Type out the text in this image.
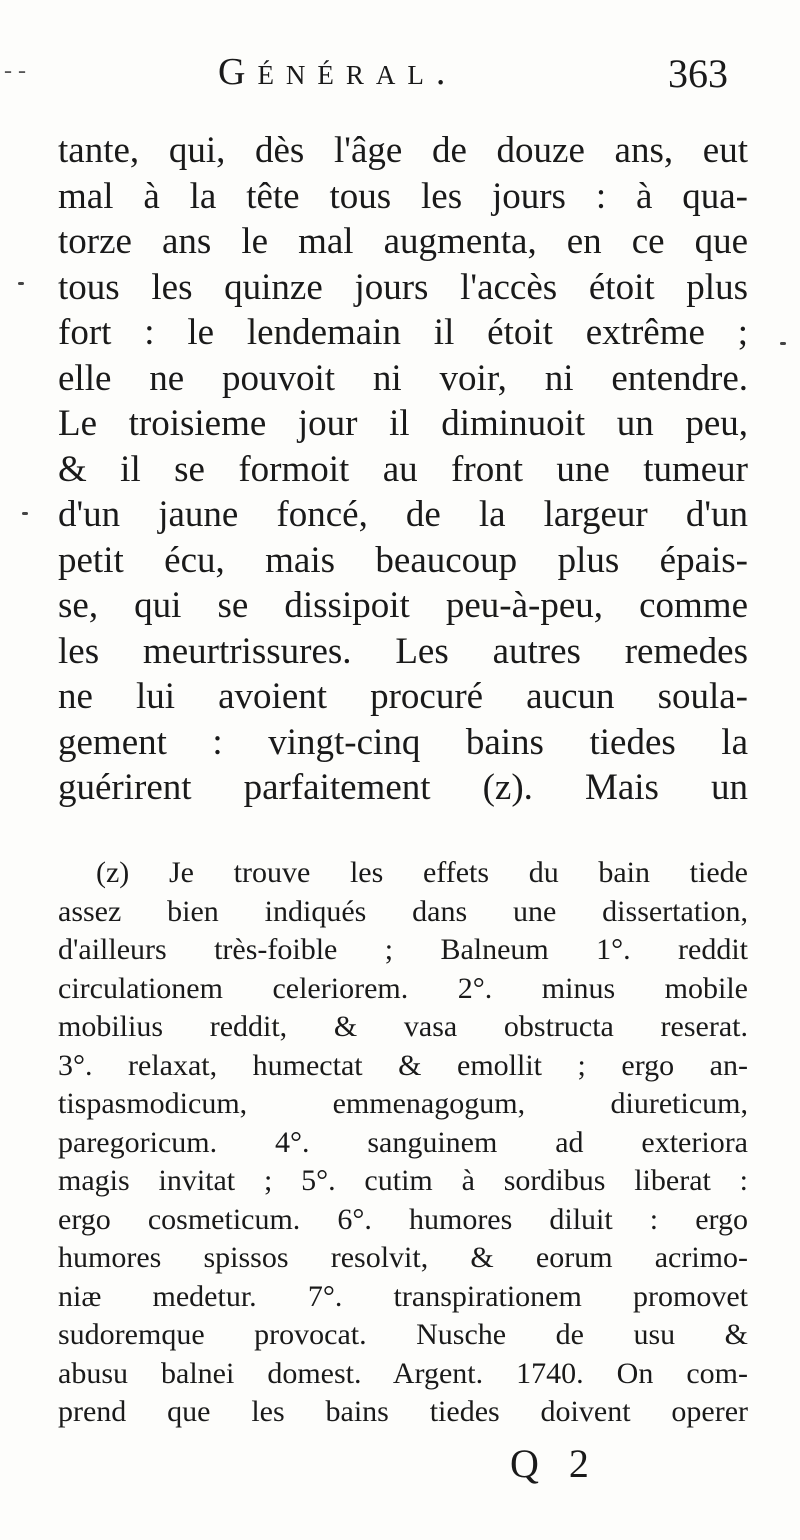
- -	Général.	363
tante, qui, dès l'âge de douze ans, eut
mal à la tête tous les jours : à qua-
torze ans le mal augmenta, en ce que
tous les quinze jours l'accès étoit plus
fort : le lendemain il étoit extrême ;
elle ne pouvoit ni voir, ni entendre.
Le troisieme jour il diminuoit un peu,
& il se formoit au front une tumeur
d'un jaune foncé, de la largeur d'un
petit écu, mais beaucoup plus épais-
se, qui se dissipoit peu-à-peu, comme
les meurtrissures. Les autres remedes
ne lui avoient procuré aucun soula-
gement : vingt-cinq bains tiedes la
guérirent parfaitement (z). Mais un
(z) Je trouve les effets du bain tiede
assez bien indiqués dans une dissertation,
d'ailleurs très-foible ; Balneum 1°. reddit
circulationem celeriorem. 2°. minus mobile
mobilius reddit, & vasa obstructa reserat.
3°. relaxat, humectat & emollit ; ergo an-
tispasmodicum, emmenagogum, diureticum,
paregoricum. 4°. sanguinem ad exteriora
magis invitat ; 5°. cutim à sordibus liberat :
ergo cosmeticum. 6°. humores diluit : ergo
humores spissos resolvit, & eorum acrimo-
niæ medetur. 7°. transpirationem promovet
sudoremque provocat. Nusche de usu &
abusu balnei domest. Argent. 1740. On com-
prend que les bains tiedes doivent operer
Q 2
